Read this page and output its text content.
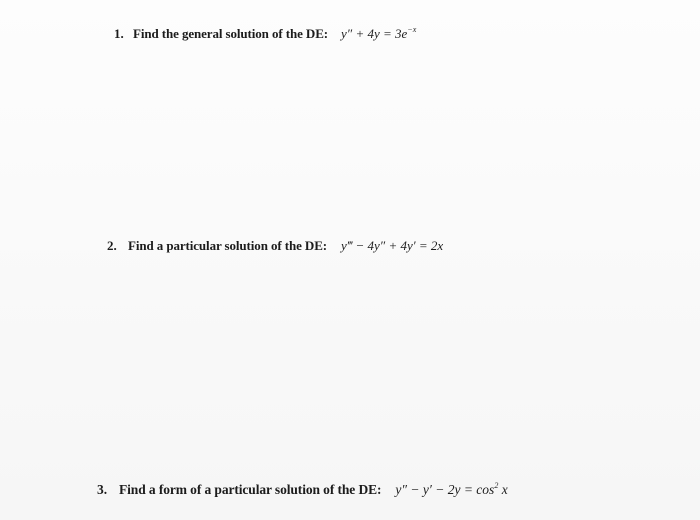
1. Find the general solution of the DE: $y'' + 4y = 3e^{-x}$
2. Find a particular solution of the DE: y‴ − 4y″ + 4y′ = 2x
3. Find a form of a particular solution of the DE: $y'' - y' - 2y = \cos^2 x$
